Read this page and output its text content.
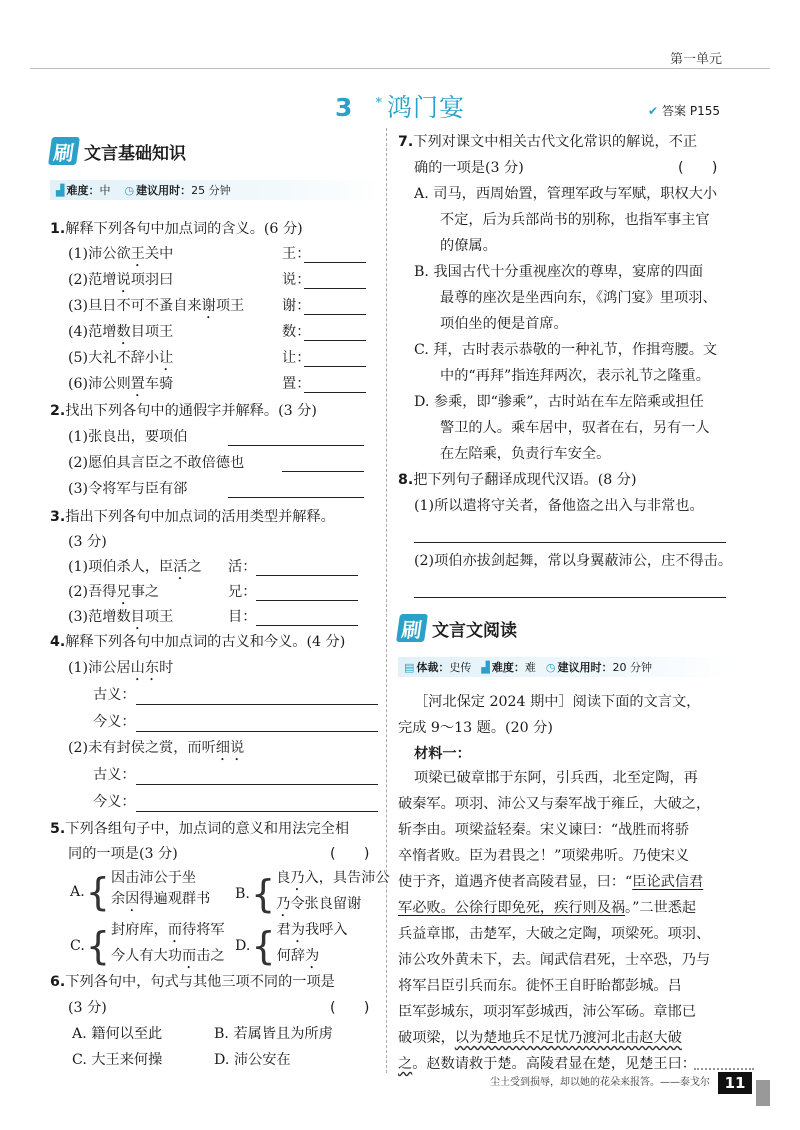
第一单元
3 * 鸿门宴	✔ 答案 P155
刷 文言基础知识
▟ 难度：中 ◷ 建议用时：25 分钟
1.解释下列各句中加点词的含义。(6 分)
(1)沛公欲王关中	王：
(2)范增说项羽曰	说：
(3)旦日不可不蚤自来谢项王	谢：
(4)范增数目项王	数：
(5)大礼不辞小让	让：
(6)沛公则置车骑	置：
2.找出下列各句中的通假字并解释。(3 分)
(1)张良出，要项伯
(2)愿伯具言臣之不敢倍德也
(3)令将军与臣有郤
3.指出下列各句中加点词的活用类型并解释。
(3 分)
(1)项伯杀人，臣活之 活：
(2)吾得兄事之	兄：
(3)范增数目项王	目：
4.解释下列各句中加点词的古义和今义。(4 分)
(1)沛公居山东时
古义：
今义：
(2)未有封侯之赏，而听细说
古义：
今义：
5.下列各组句子中，加点词的意义和用法完全相
同的一项是(3 分)	(　　)
A. { 因击沛公于坐
余因得遍观群书 B. { 良乃入，具告沛公
乃令张良留谢
C. { 封府库，而待将军
今人有大功而击之
D. { 君为我呼入
何辞为
6.下列各句中，句式与其他三项不同的一项是
(3 分)	(　　)
A. 籍何以至此	B. 若属皆且为所虏
C. 大王来何操	D. 沛公安在
7.下列对课文中相关古代文化常识的解说，不正
确的一项是(3 分)	(　　)
A. 司马，西周始置，管理军政与军赋，职权大小
不定，后为兵部尚书的别称，也指军事主官
的僚属。
B. 我国古代十分重视座次的尊卑，宴席的四面
最尊的座次是坐西向东，《鸿门宴》里项羽、
项伯坐的便是首席。
C. 拜，古时表示恭敬的一种礼节，作揖弯腰。文
中的“再拜”指连拜两次，表示礼节之隆重。
D. 参乘，即“骖乘”，古时站在车左陪乘或担任
警卫的人。乘车居中，驭者在右，另有一人
在左陪乘，负责行车安全。
8.把下列句子翻译成现代汉语。(8 分)
(1)所以遣将守关者，备他盗之出入与非常也。
(2)项伯亦拔剑起舞，常以身翼蔽沛公，庄不得击。
刷 文言文阅读
▤ 体裁：史传 ▟ 难度：难 ◷ 建议用时：20 分钟
［河北保定 2024 期中］阅读下面的文言文，
完成 9～13 题。(20 分)
材料一：
项梁已破章邯于东阿，引兵西，北至定陶，再
破秦军。项羽、沛公又与秦军战于雍丘，大破之，
斩李由。项梁益轻秦。宋义谏曰：“战胜而将骄
卒惰者败。臣为君畏之！”项梁弗听。乃使宋义
使于齐，道遇齐使者高陵君显，曰：“臣论武信君
军必败。公徐行即免死，疾行则及祸。”二世悉起
兵益章邯，击楚军，大破之定陶，项梁死。项羽、
沛公攻外黄未下，去。闻武信君死，士卒恐，乃与
将军吕臣引兵而东。徙怀王自盱眙都彭城。吕
臣军彭城东，项羽军彭城西，沛公军砀。章邯已
破项梁，以为楚地兵不足忧乃渡河北击赵大破
之。赵数请救于楚。高陵君显在楚，见楚王曰：
尘土受到损辱，却以她的花朵来报答。——泰戈尔 11
